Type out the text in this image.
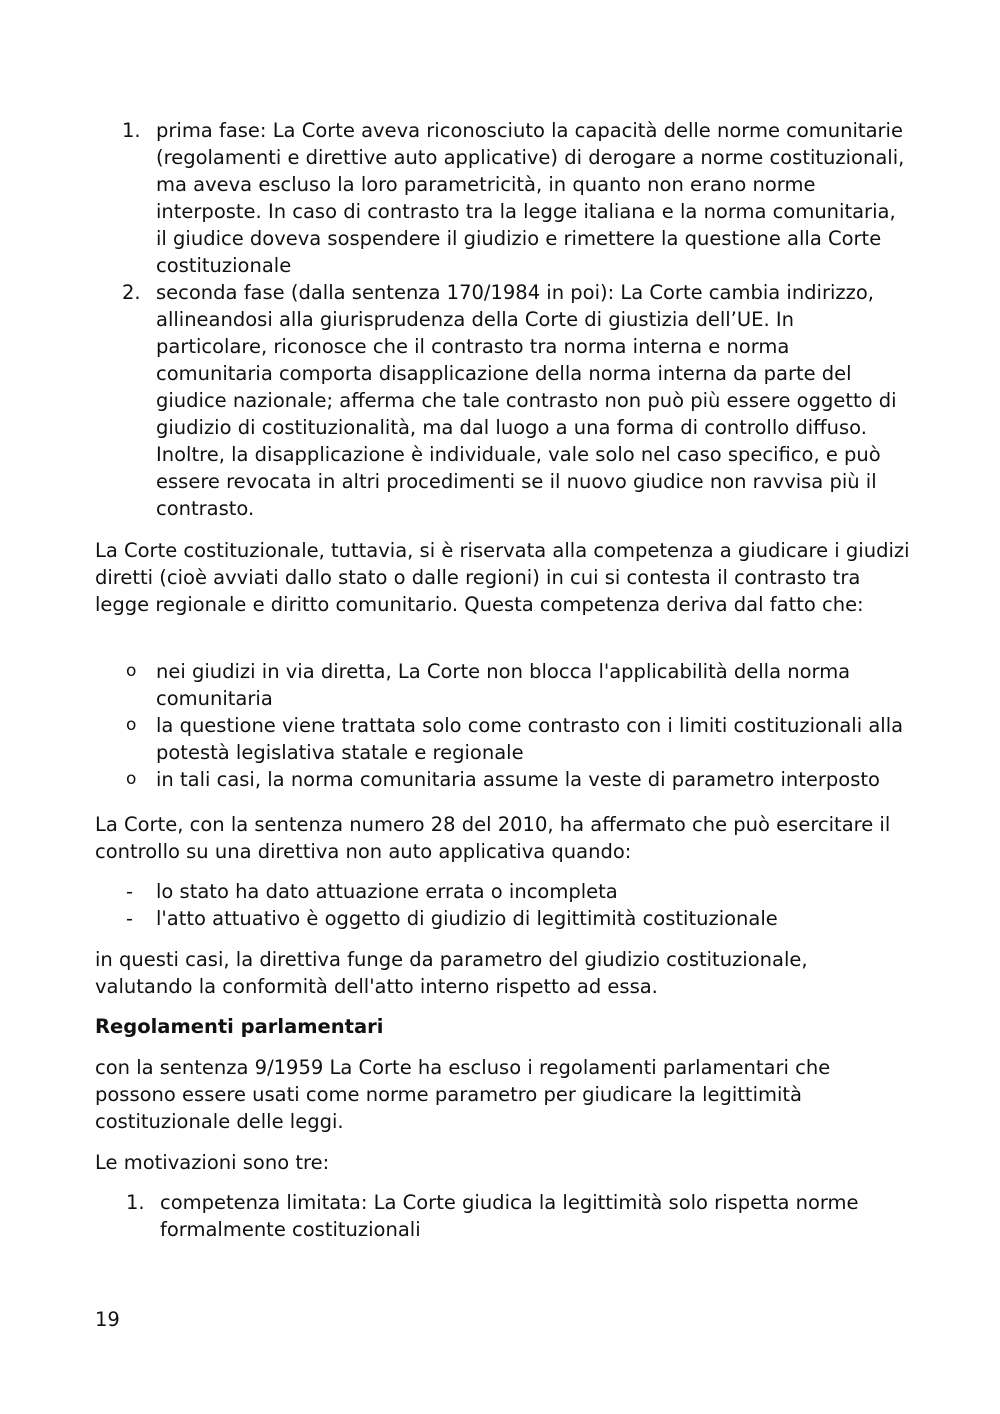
1. prima fase: La Corte aveva riconosciuto la capacità delle norme comunitarie (regolamenti e direttive auto applicative) di derogare a norme costituzionali, ma aveva escluso la loro parametricità, in quanto non erano norme interposte. In caso di contrasto tra la legge italiana e la norma comunitaria, il giudice doveva sospendere il giudizio e rimettere la questione alla Corte costituzionale
2. seconda fase (dalla sentenza 170/1984 in poi): La Corte cambia indirizzo, allineandosi alla giurisprudenza della Corte di giustizia dell’UE. In particolare, riconosce che il contrasto tra norma interna e norma comunitaria comporta disapplicazione della norma interna da parte del giudice nazionale; afferma che tale contrasto non può più essere oggetto di giudizio di costituzionalità, ma dal luogo a una forma di controllo diffuso. Inoltre, la disapplicazione è individuale, vale solo nel caso specifico, e può essere revocata in altri procedimenti se il nuovo giudice non ravvisa più il contrasto.

La Corte costituzionale, tuttavia, si è riservata alla competenza a giudicare i giudizi diretti (cioè avviati dallo stato o dalle regioni) in cui si contesta il contrasto tra legge regionale e diritto comunitario. Questa competenza deriva dal fatto che:

o nei giudizi in via diretta, La Corte non blocca l'applicabilità della norma comunitaria
o la questione viene trattata solo come contrasto con i limiti costituzionali alla potestà legislativa statale e regionale
o in tali casi, la norma comunitaria assume la veste di parametro interposto

La Corte, con la sentenza numero 28 del 2010, ha affermato che può esercitare il controllo su una direttiva non auto applicativa quando:

- lo stato ha dato attuazione errata o incompleta
- l'atto attuativo è oggetto di giudizio di legittimità costituzionale

in questi casi, la direttiva funge da parametro del giudizio costituzionale, valutando la conformità dell'atto interno rispetto ad essa.

Regolamenti parlamentari

con la sentenza 9/1959 La Corte ha escluso i regolamenti parlamentari che possono essere usati come norme parametro per giudicare la legittimità costituzionale delle leggi.

Le motivazioni sono tre:

1. competenza limitata: La Corte giudica la legittimità solo rispetta norme formalmente costituzionali
19
